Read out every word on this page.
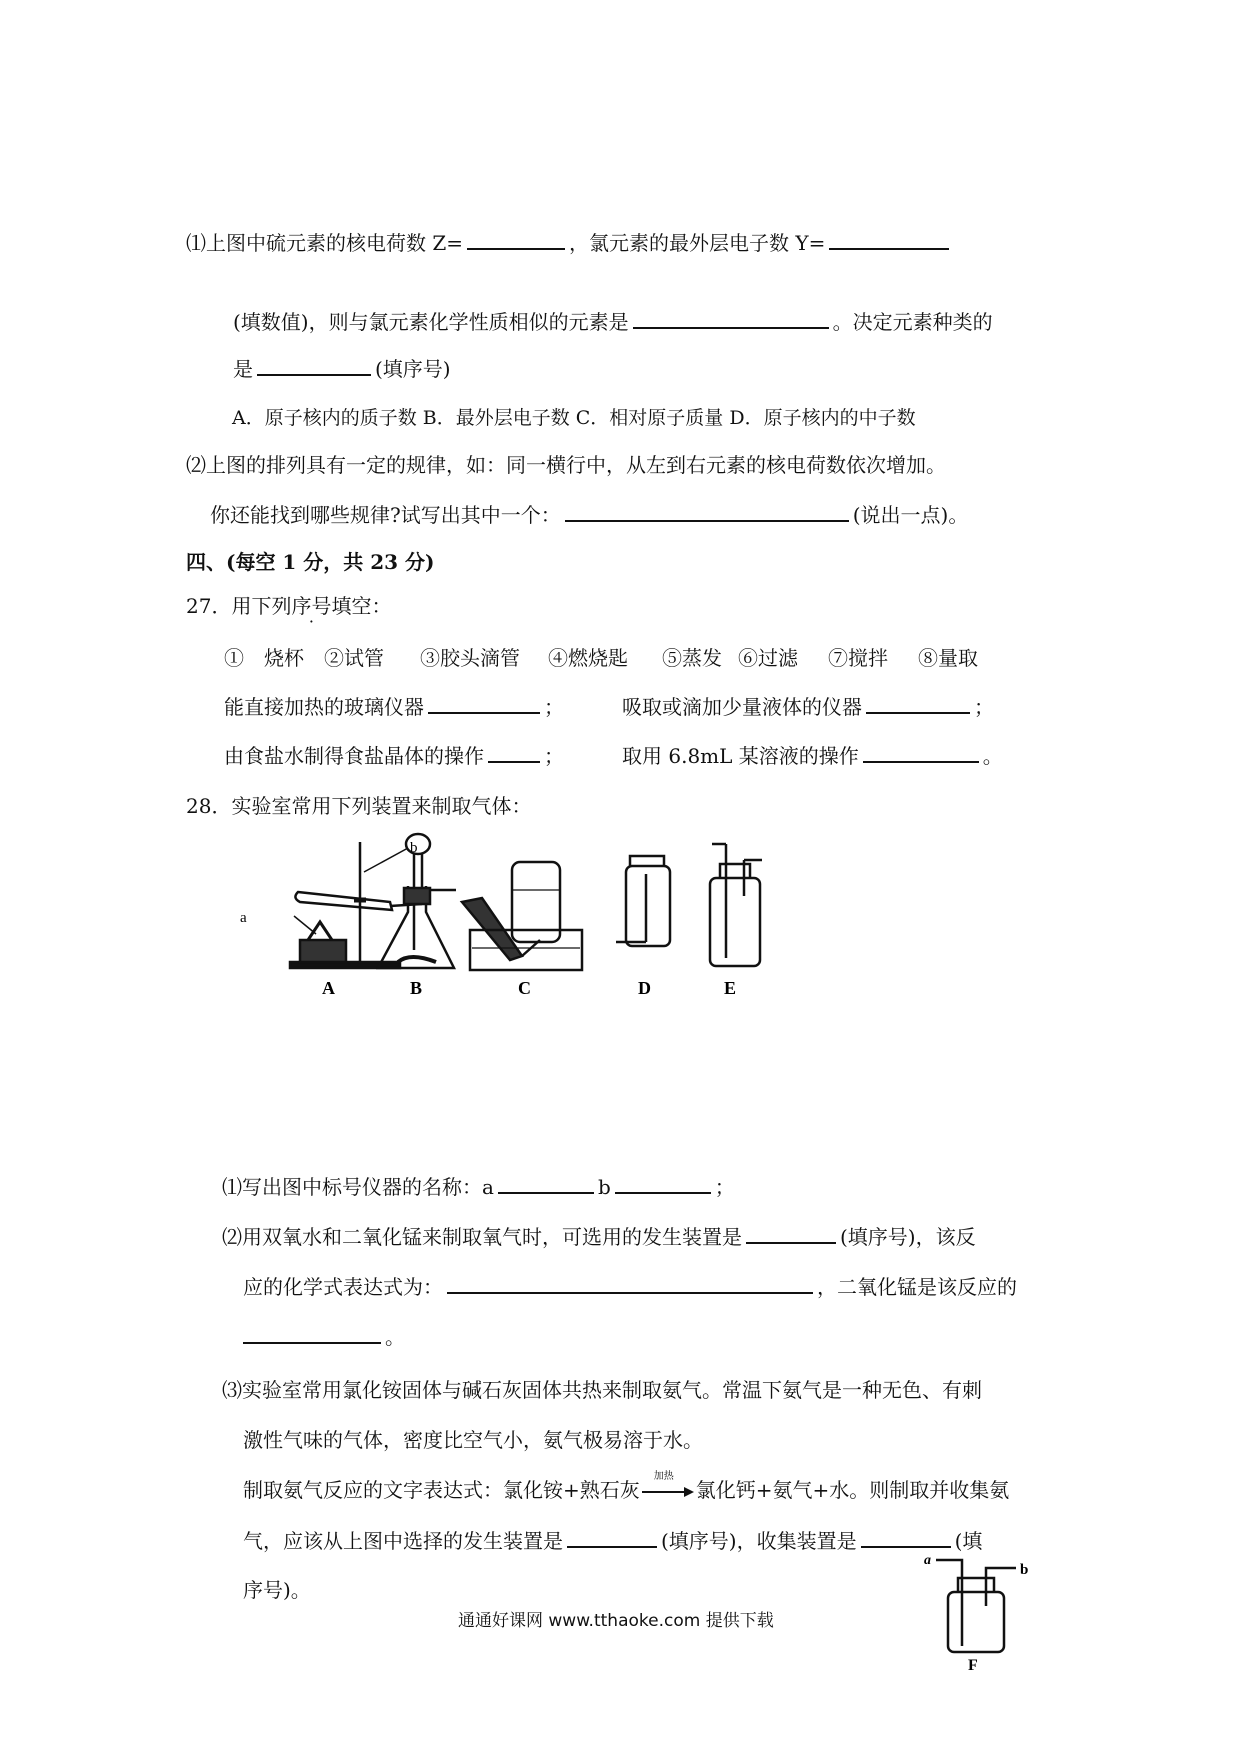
⑴上图中硫元素的核电荷数 Z=	，氯元素的最外层电子数 Y=
(填数值)，则与氯元素化学性质相似的元素是	。决定元素种类的
是	(填序号)
A．原子核内的质子数 B．最外层电子数 C．相对原子质量 D．原子核内的中子数
⑵上图的排列具有一定的规律，如：同一横行中，从左到右元素的核电荷数依次增加。
你还能找到哪些规律?试写出其中一个：	(说出一点)。
四、(每空 1 分，共 23 分)
27．用下列序号填空：
①　烧杯 ②试管 ③胶头滴管 ④燃烧匙 ⑤蒸发 ⑥过滤 ⑦搅拌 ⑧量取
能直接加热的玻璃仪器	；	吸取或滴加少量液体的仪器	；
由食盐水制得食盐晶体的操作	；	取用 6.8mL 某溶液的操作	。
28．实验室常用下列装置来制取气体：
a
b
A	B	C	D	E
⑴写出图中标号仪器的名称：a	b	；
⑵用双氧水和二氧化锰来制取氧气时，可选用的发生装置是	(填序号)，该反
应的化学式表达式为：	，二氧化锰是该反应的
。
⑶实验室常用氯化铵固体与碱石灰固体共热来制取氨气。常温下氨气是一种无色、有刺
激性气味的气体，密度比空气小，氨气极易溶于水。
制取氨气反应的文字表达式：氯化铵+熟石灰
加热
氯化钙+氨气+水。则制取并收集氨
气，应该从上图中选择的发生装置是	(填序号)，收集装置是	(填
序号)。
a
b
F
通通好课网 www.tthaoke.com 提供下载
